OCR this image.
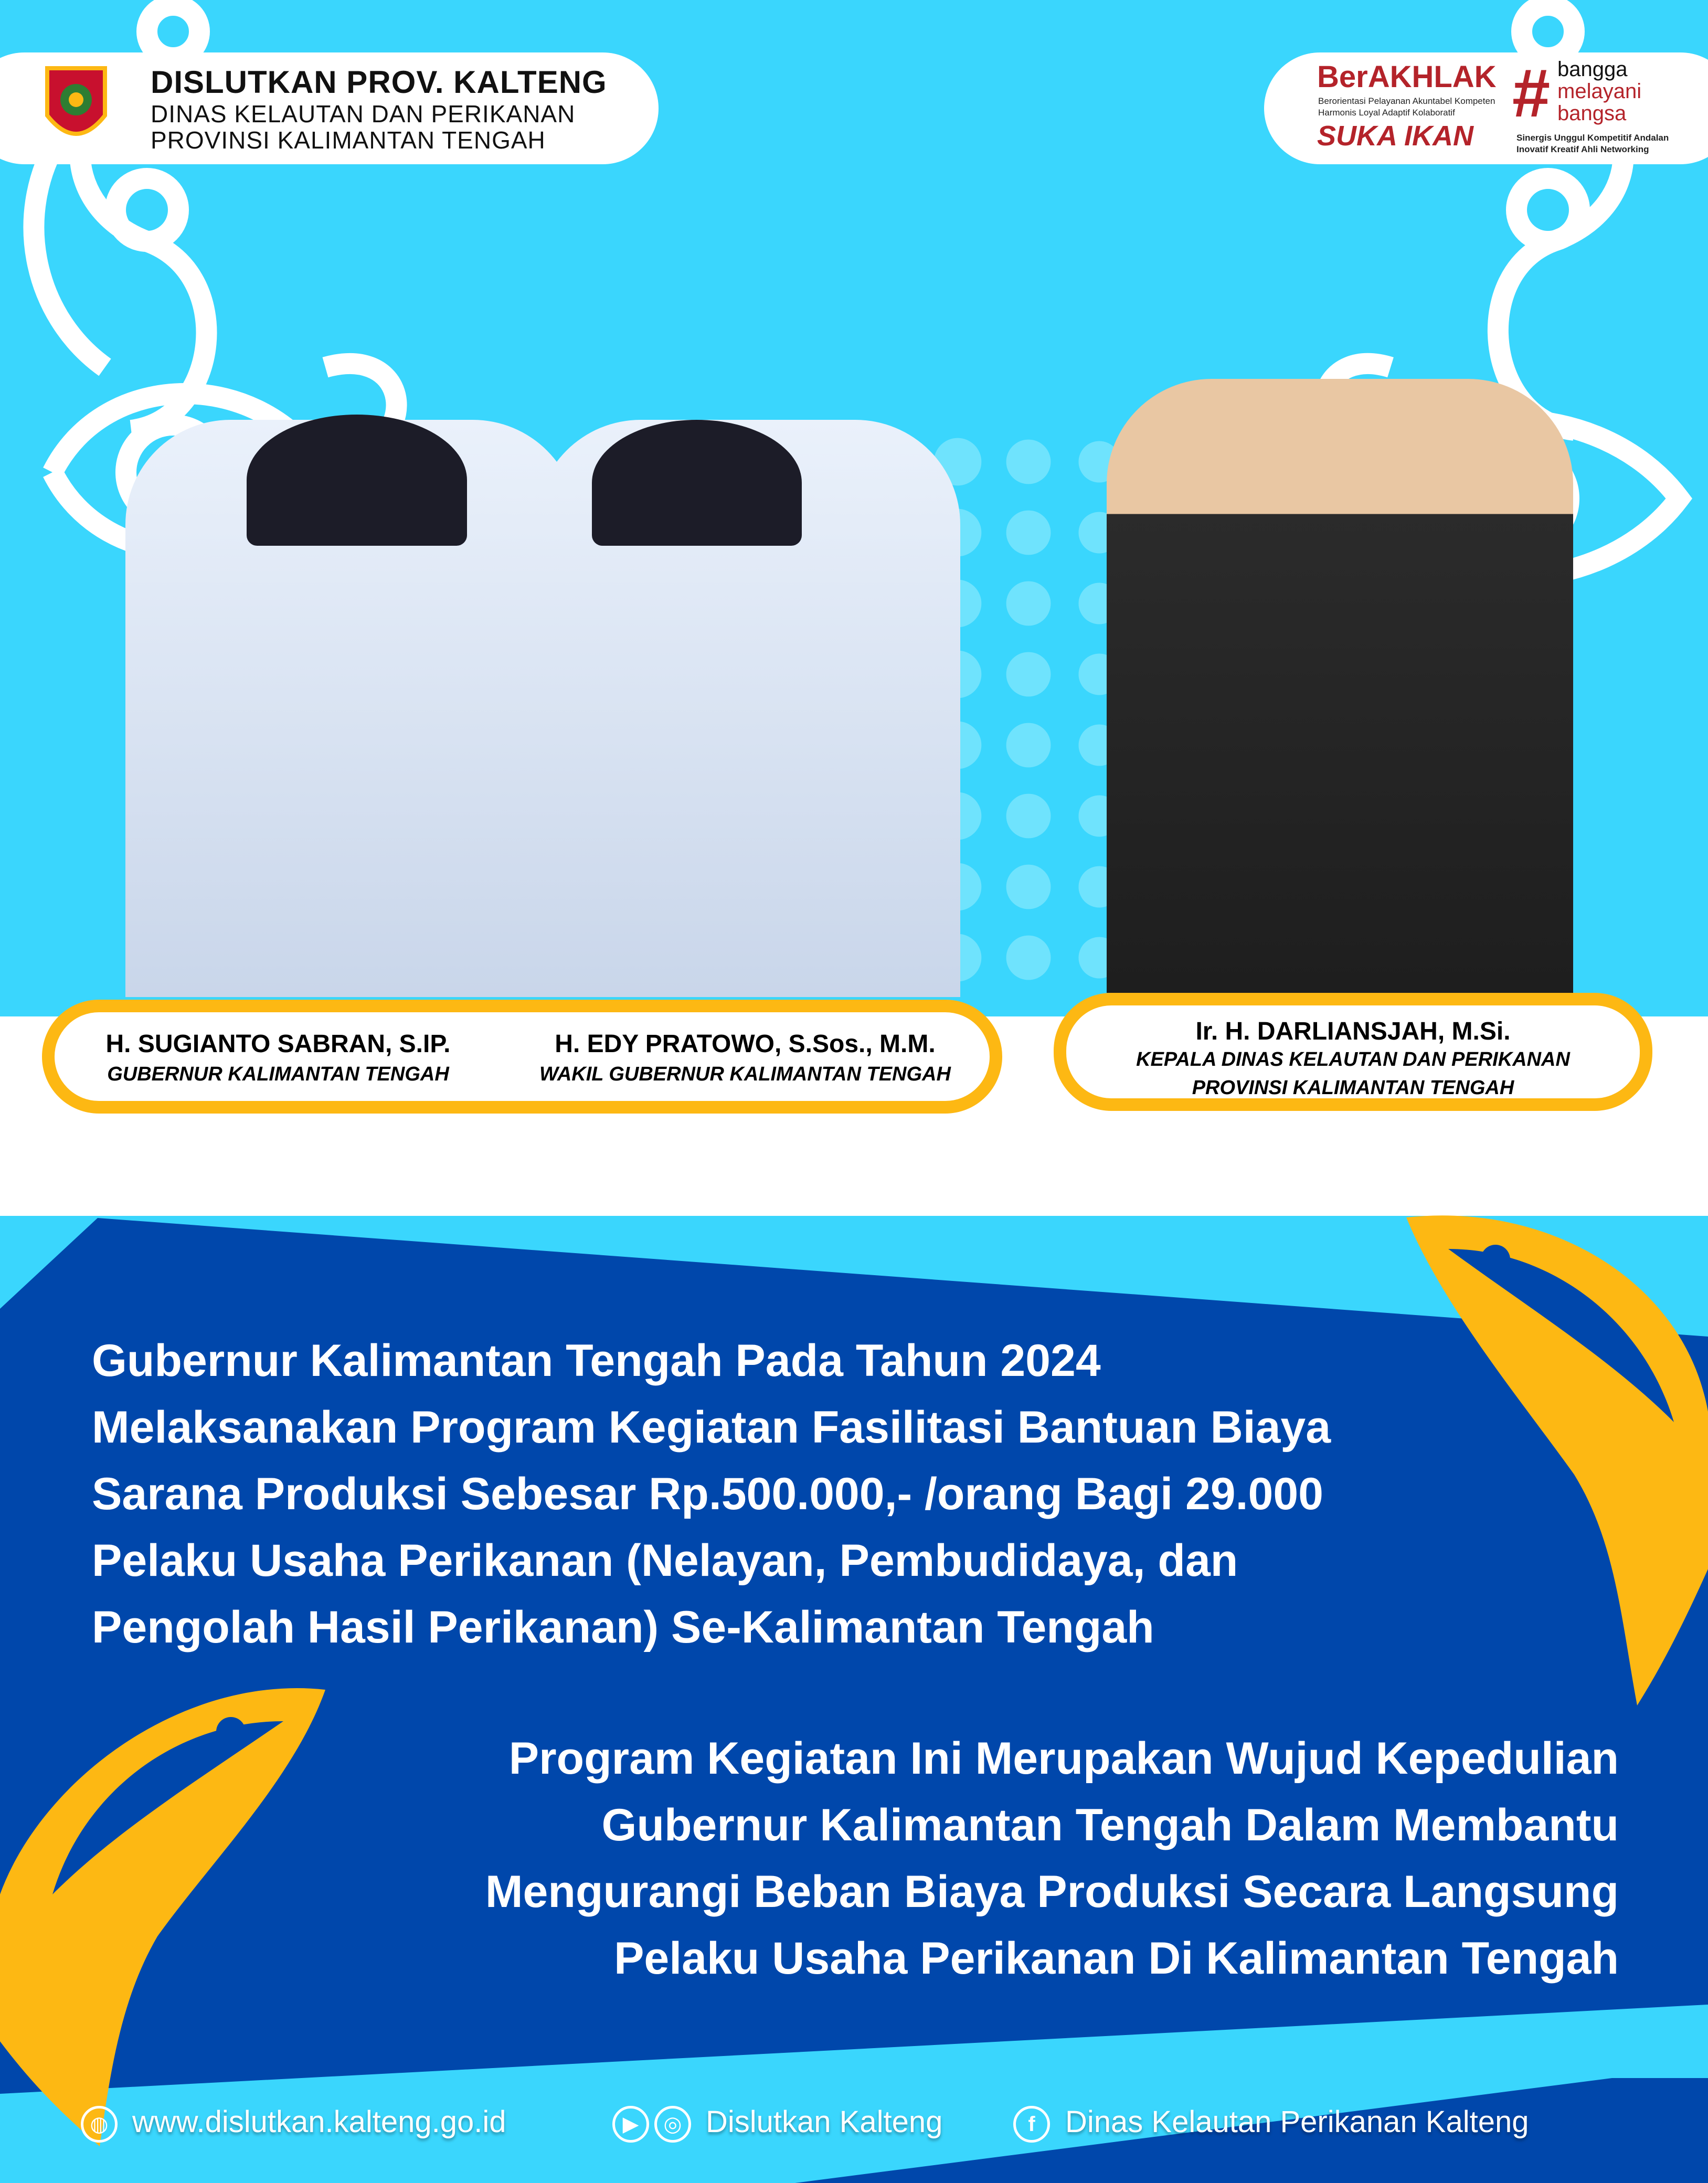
DISLUTKAN PROV. KALTENG
DINAS KELAUTAN DAN PERIKANAN
PROVINSI KALIMANTAN TENGAH
BerAKHLAK
Berorientasi Pelayanan Akuntabel Kompeten
Harmonis Loyal Adaptif Kolaboratif
SUKA IKAN
# bangga
melayani
bangsa
Sinergis Unggul Kompetitif Andalan
Inovatif Kreatif Ahli Networking
H. SUGIANTO SABRAN, S.IP.
GUBERNUR KALIMANTAN TENGAH
H. EDY PRATOWO, S.Sos., M.M.
WAKIL GUBERNUR KALIMANTAN TENGAH
Ir. H. DARLIANSJAH, M.Si.
KEPALA DINAS KELAUTAN DAN PERIKANAN
PROVINSI KALIMANTAN TENGAH
Gubernur Kalimantan Tengah Pada Tahun 2024
Melaksanakan Program Kegiatan Fasilitasi Bantuan Biaya
Sarana Produksi Sebesar Rp.500.000,- /orang Bagi 29.000
Pelaku Usaha Perikanan (Nelayan, Pembudidaya, dan
Pengolah Hasil Perikanan) Se-Kalimantan Tengah
Program Kegiatan Ini Merupakan Wujud Kepedulian
Gubernur Kalimantan Tengah Dalam Membantu
Mengurangi Beban Biaya Produksi Secara Langsung
Pelaku Usaha Perikanan Di Kalimantan Tengah
◍ www.dislutkan.kalteng.go.id	▶	◎ Dislutkan Kalteng	f Dinas Kelautan Perikanan Kalteng
